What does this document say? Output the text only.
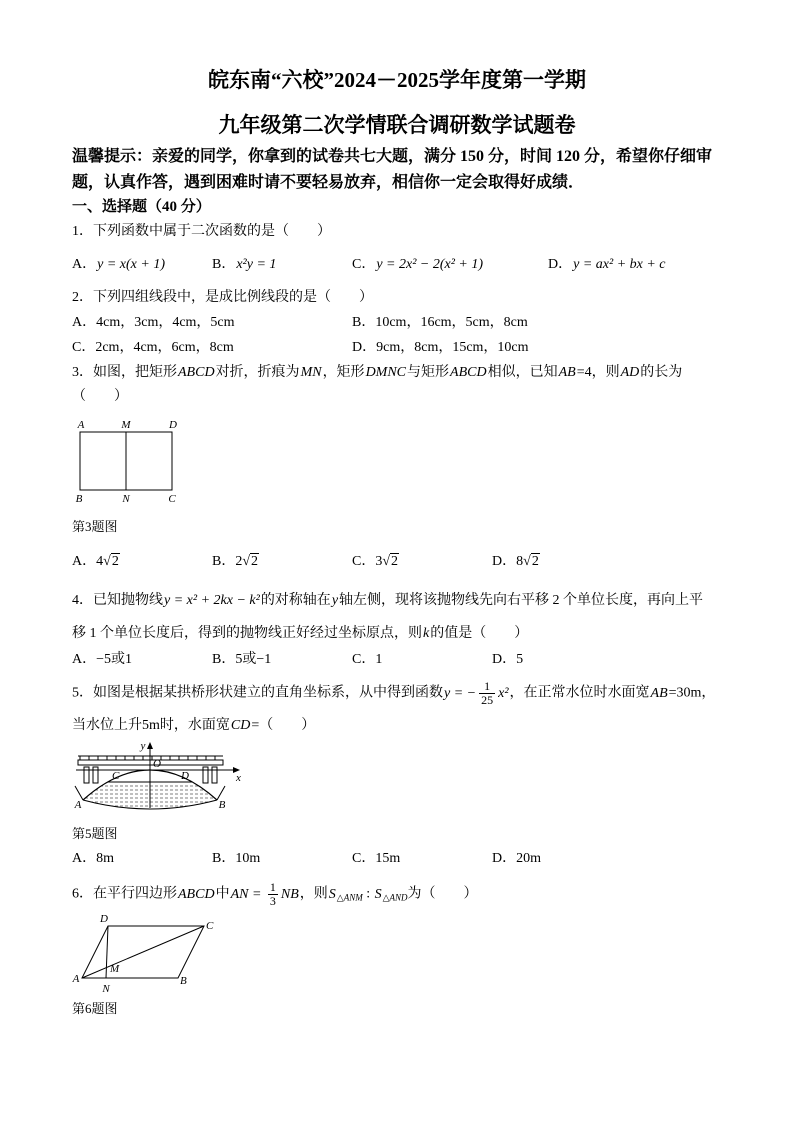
皖东南“六校”2024－2025学年度第一学期
九年级第二次学情联合调研数学试题卷
温馨提示：亲爱的同学，你拿到的试卷共七大题，满分 150 分，时间 120 分，希望你仔细审
题，认真作答，遇到困难时请不要轻易放弃，相信你一定会取得好成绩．
一、选择题（40 分）
1．下列函数中属于二次函数的是（　　）
A．y = x(x + 1)	B．x²y = 1	C．y = 2x² − 2(x² + 1)	D．y = ax² + bx + c
2．下列四组线段中，是成比例线段的是（　　）
A．4cm，3cm，4cm，5cm	B．10cm，16cm，5cm，8cm
C．2cm，4cm，6cm，8cm	D．9cm，8cm，15cm，10cm
3．如图，把矩形ABCD对折，折痕为MN，矩形DMNC与矩形ABCD相似，已知AB=4，则AD的长为
（　　）
A	M	D
B	N	C
第3题图
A．4√2	B．2√2	C．3√2	D．8√2
4．已知抛物线y = x² + 2kx − k²的对称轴在y轴左侧，现将该抛物线先向右平移 2 个单位长度，再向上平
移 1 个单位长度后，得到的抛物线正好经过坐标原点，则k的值是（　　）
A．−5或1	B．5或−1	C．1	D．5
5．如图是根据某拱桥形状建立的直角坐标系，从中得到函数y = − $\frac{1}{25} x^2$，在正常水位时水面宽AB=30m，
当水位上升5m时，水面宽CD=（　　）
y
O
x
C	D
A	B
第5题图
A．8m	B．10m	C．15m	D．20m
6．在平行四边形ABCD中AN = $\frac{1}{3}$ NB，则$S_{\triangle ANM}$ : $S_{\triangle AND}$为（　　）
D
C
A	B
M
N
第6题图
